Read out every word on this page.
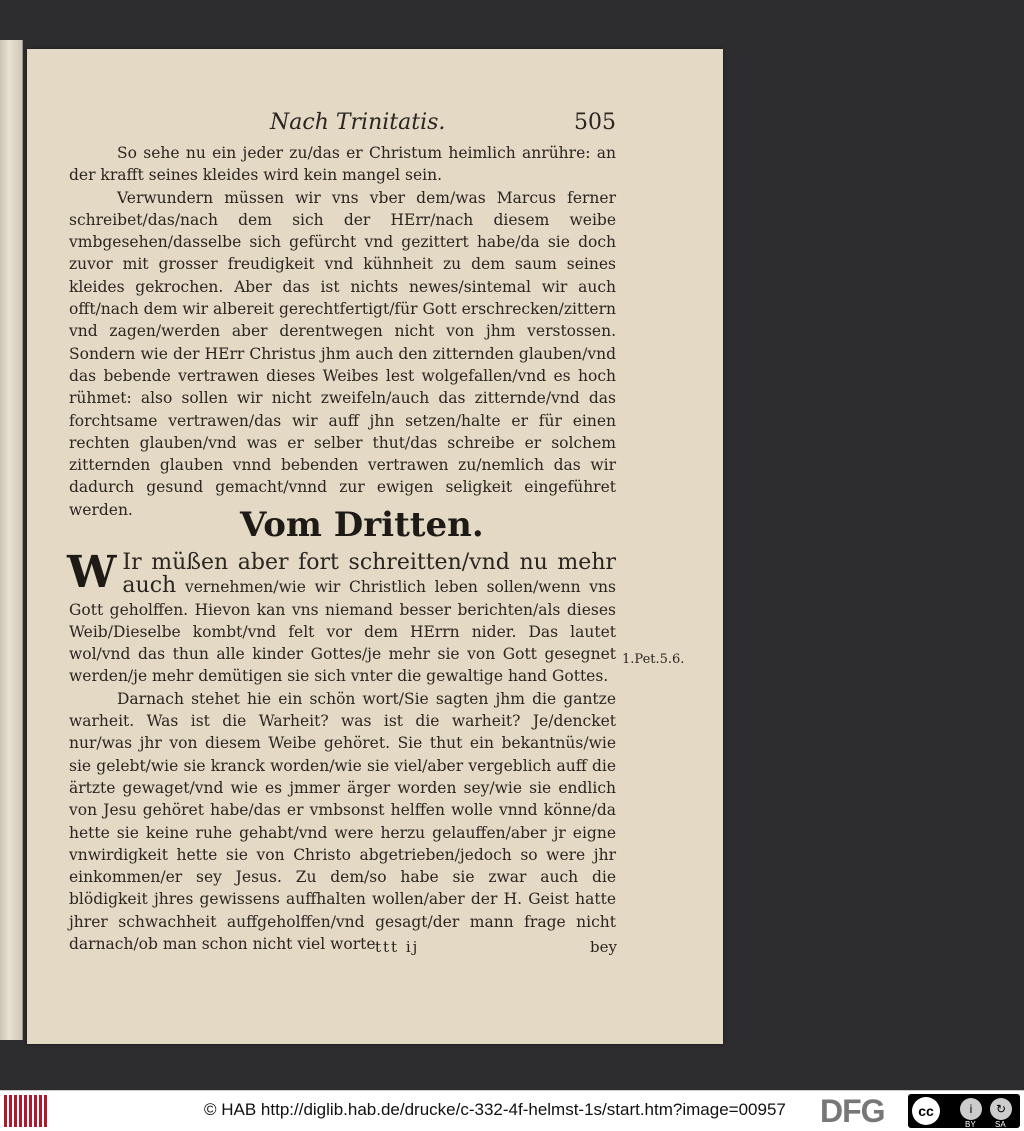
Nach Trinitatis.	505

So sehe nu ein jeder zu/das er Christum heimlich anrühre: an der krafft seines kleides wird kein mangel sein.

Verwundern müssen wir vns vber dem/was Marcus ferner schreibet/das/nach dem sich der HErr/nach diesem weibe vmbgesehen/dasselbe sich gefürcht vnd gezittert habe/da sie doch zuvor mit grosser freudigkeit vnd kühnheit zu dem saum seines kleides gekrochen. Aber das ist nichts newes/sintemal wir auch offt/nach dem wir albereit gerechtfertigt/für Gott erschrecken/zittern vnd zagen/werden aber derentwegen nicht von jhm verstossen. Sondern wie der HErr Christus jhm auch den zitternden glauben/vnd das bebende vertrawen dieses Weibes lest wolgefallen/vnd es hoch rühmet: also sollen wir nicht zweifeln/auch das zitternde/vnd das forchtsame vertrawen/das wir auff jhn setzen/halte er für einen rechten glauben/vnd was er selber thut/das schreibe er solchem zitternden glauben vnnd bebenden vertrawen zu/nemlich das wir dadurch gesund gemacht/vnnd zur ewigen seligkeit eingeführet werden.	Vom Dritten.

W Ir müßen aber fort schreitten/vnd nu mehr auch vernehmen/wie wir Christlich leben sollen/wenn vns Gott geholffen. Hievon kan vns niemand besser berichten/als dieses Weib/Dieselbe kombt/vnd felt vor dem HErrn nider. Das lautet wol/vnd das thun alle kinder Gottes/je mehr sie von Gott gesegnet werden/je mehr demütigen sie sich vnter die gewaltige hand Gottes.

Darnach stehet hie ein schön wort/Sie sagten jhm die gantze warheit. Was ist die Warheit? was ist die warheit? Je/dencket nur/was jhr von diesem Weibe gehöret. Sie thut ein bekantnüs/wie sie gelebt/wie sie kranck worden/wie sie viel/aber vergeblich auff die ärtzte gewaget/vnd wie es jmmer ärger worden sey/wie sie endlich von Jesu gehöret habe/das er vmbsonst helffen wolle vnnd könne/da hette sie keine ruhe gehabt/vnd were herzu gelauffen/aber jr eigne vnwirdigkeit hette sie von Christo abgetrieben/jedoch so were jhr einkommen/er sey Jesus. Zu dem/so habe sie zwar auch die blödigkeit jhres gewissens auffhalten wollen/aber der H. Geist hatte jhrer schwachheit auffgeholffen/vnd gesagt/der mann frage nicht darnach/ob man schon nicht viel worte

1.Pet.5.6.
ttt ij	bey
© HAB http://diglib.hab.de/drucke/c-332-4f-helmst-1s/start.htm?image=00957 DFG	cc	i	↻
BY SA
